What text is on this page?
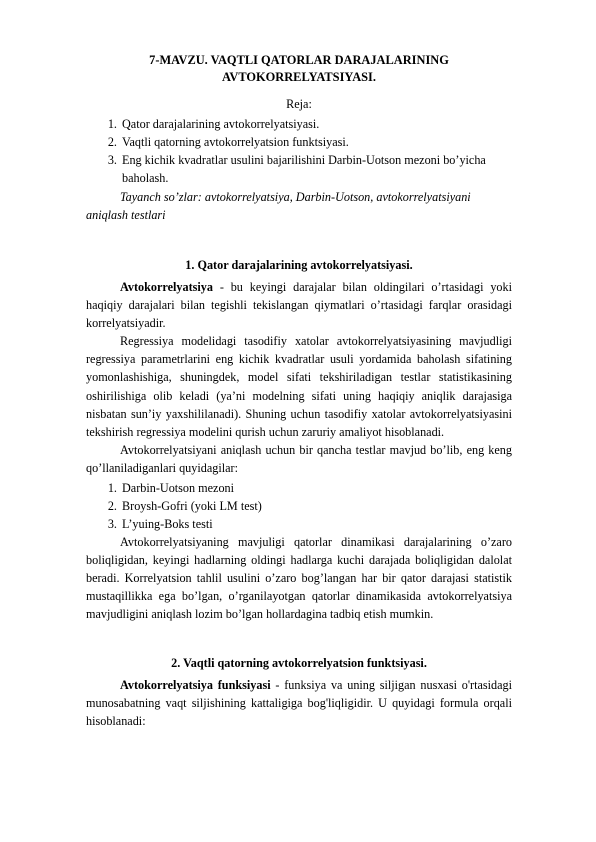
7-MAVZU. VAQTLI QATORLAR DARAJALARINING
AVTOKORRELYATSIYASI.
Reja:
1. Qator darajalarining avtokorrelyatsiyasi.
2. Vaqtli qatorning avtokorrelyatsion funktsiyasi.
3. Eng kichik kvadratlar usulini bajarilishini Darbin-Uotson mezoni bo’yicha baholash.
Tayanch so’zlar: avtokorrelyatsiya, Darbin-Uotson, avtokorrelyatsiyani aniqlash testlari
1. Qator darajalarining avtokorrelyatsiyasi.

Avtokorrelyatsiya - bu keyingi darajalar bilan oldingilari o’rtasidagi yoki haqiqiy darajalari bilan tegishli tekislangan qiymatlari o’rtasidagi farqlar orasidagi korrelyatsiyadir.

Regressiya modelidagi tasodifiy xatolar avtokorrelyatsiyasining mavjudligi regressiya parametrlarini eng kichik kvadratlar usuli yordamida baholash sifatining yomonlashishiga, shuningdek, model sifati tekshiriladigan testlar statistikasining oshirilishiga olib keladi (ya’ni modelning sifati uning haqiqiy aniqlik darajasiga nisbatan sun’iy yaxshililanadi). Shuning uchun tasodifiy xatolar avtokorrelyatsiyasini tekshirish regressiya modelini qurish uchun zaruriy amaliyot hisoblanadi.

Avtokorrelyatsiyani aniqlash uchun bir qancha testlar mavjud bo’lib, eng keng qo’llaniladiganlari quyidagilar:

1. Darbin-Uotson mezoni
2. Broysh-Gofri (yoki LM test)
3. L’yuing-Boks testi

Avtokorrelyatsiyaning mavjuligi qatorlar dinamikasi darajalarining o’zaro boliqligidan, keyingi hadlarning oldingi hadlarga kuchi darajada boliqligidan dalolat beradi. Korrelyatsion tahlil usulini o’zaro bog’langan har bir qator darajasi statistik mustaqillikka ega bo’lgan, o’rganilayotgan qatorlar dinamikasida avtokorrelyatsiya mavjudligini aniqlash lozim bo’lgan hollardagina tadbiq etish mumkin.

2. Vaqtli qatorning avtokorrelyatsion funktsiyasi.

Avtokorrelyatsiya funksiyasi - funksiya va uning siljigan nusxasi o'rtasidagi munosabatning vaqt siljishining kattaligiga bog'liqligidir. U quyidagi formula orqali hisoblanadi:
